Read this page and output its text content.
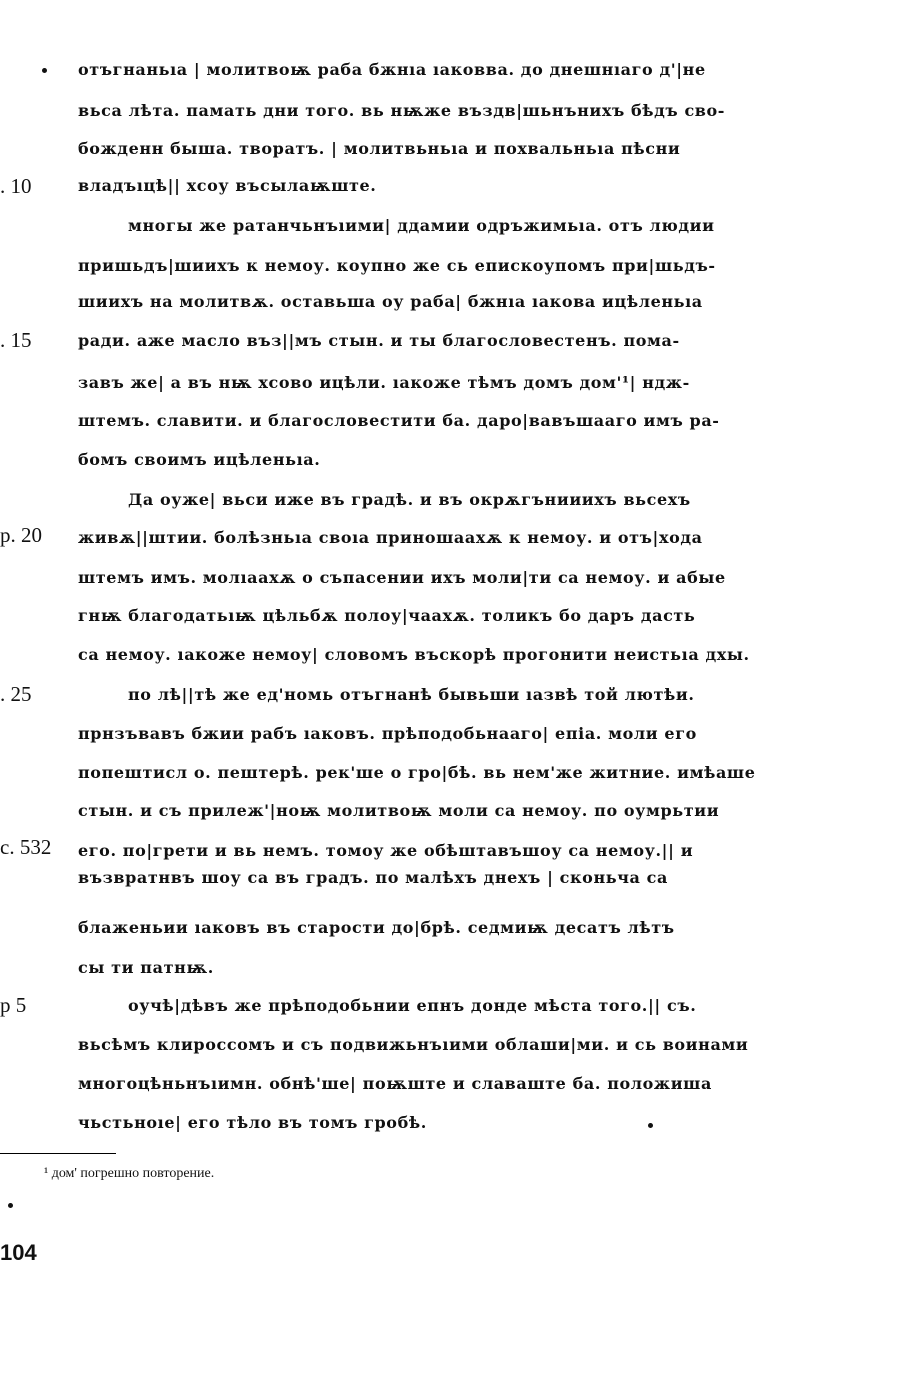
отъгнаньıа | молитвоѭ раба бжнıа ıаковва. до днешнıаго д'|не
вьса лѣта. памать дни того. вь нѭже въздв|шьнънихъ бѣдъ сво-
божденн быша. творатъ. | молитвьньıа и похвальньıа пѣсни
владъıцѣ|| хсоу въсылаѭште.
многы же ратанчьнъıими| ддамии одръжимьıа. отъ людии
пришьдъ|шиихъ к немоу. коупно же сь епискоупомъ при|шьдъ-
шиихъ на молитвѫ. оставьша оу раба| бжнıа ıакова ицѣленьıа
ради. аже масло въз||мъ стын. и ты благословестенъ. пома-
завъ же| а въ нѭ хсово ицѣли. ıакоже тѣмъ домъ дом'¹| ндж-
штемъ. славити. и благословестити ба. даро|вавъшааго имъ ра-
бомъ своимъ ицѣленьıа.
Да оуже| вьси иже въ градѣ. и въ окрѫгънииихъ вьсехъ
живѫ||штии. болѣзньıа своıа приношаахѫ к немоу. и отъ|хода
штемъ имъ. молıаахѫ о съпасении ихъ моли|ти са немоу. и абые
гнѭ благодатьıѭ цѣльбѫ полоу|чаахѫ. толикъ бо даръ дасть
са немоу. ıакоже немоу| словомъ въскорѣ прогонити неистьıа дхы.
по лѣ||тѣ же ед'номь отъгнанѣ бывьши ıазвѣ той лютѣи.
прнзъвавъ бжии рабъ ıаковъ. прѣподобьнааго| епіа. моли его
попештисл о. пештерѣ. рек'ше о гро|бѣ. вь нем'же житние. имѣаше
стын. и съ прилеж'|ноѭ молитвоѭ моли са немоу. по оумрьтии
его. по|грети и вь немъ. томоу же обѣштавъшоу са немоу.|| и
възвратнвъ шоу са въ градъ. по малѣхъ днехъ | сконьча са
блаженьии ıаковъ въ старости до|брѣ. седмиѭ десатъ лѣтъ
сы ти патнѭ.
оучѣ|дѣвъ же прѣподобьнии епнъ донде мѣста того.|| съ.
вьсѣмъ клироссомъ и съ подвижьнъıими облаши|ми. и сь воинами
многоцѣньнъıимн. обнѣ'ше| поѭште и славаште ба. положиша
чьстьноıе| его тѣло въ томъ гробѣ.
. 10
. 15
p. 20
. 25
c. 532
p 5
¹ дом' погрешно повторение.
104
